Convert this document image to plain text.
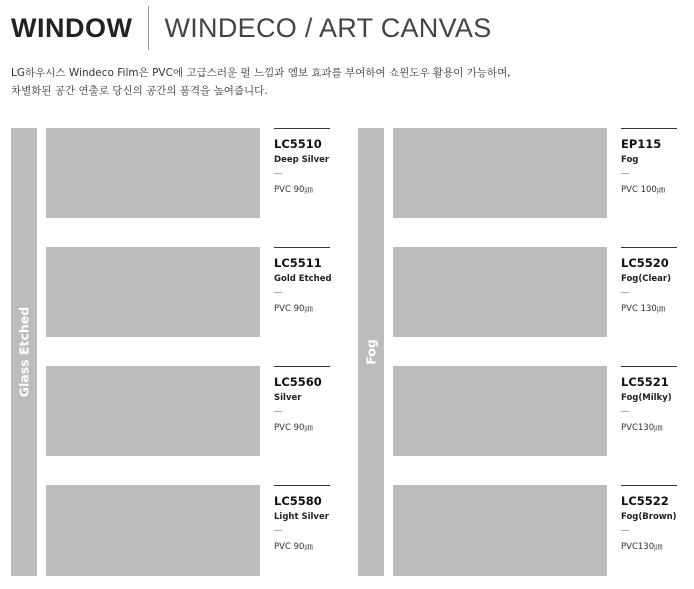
WINDOW WINDECO / ART CANVAS
LG하우시스 Windeco Film은 PVC에 고급스러운 펄 느낌과 엠보 효과를 부여하여 쇼윈도우 활용이 가능하며,
차별화된 공간 연출로 당신의 공간의 품격을 높여줍니다.
Glass Etched
LC5510
Deep Silver
PVC 90㎛
LC5511
Gold Etched
PVC 90㎛
LC5560
Silver
PVC 90㎛
LC5580
Light Silver
PVC 90㎛
Fog
EP115
Fog
PVC 100㎛
LC5520
Fog(Clear)
PVC 130㎛
LC5521
Fog(Milky)
PVC130㎛
LC5522
Fog(Brown)
PVC130㎛
